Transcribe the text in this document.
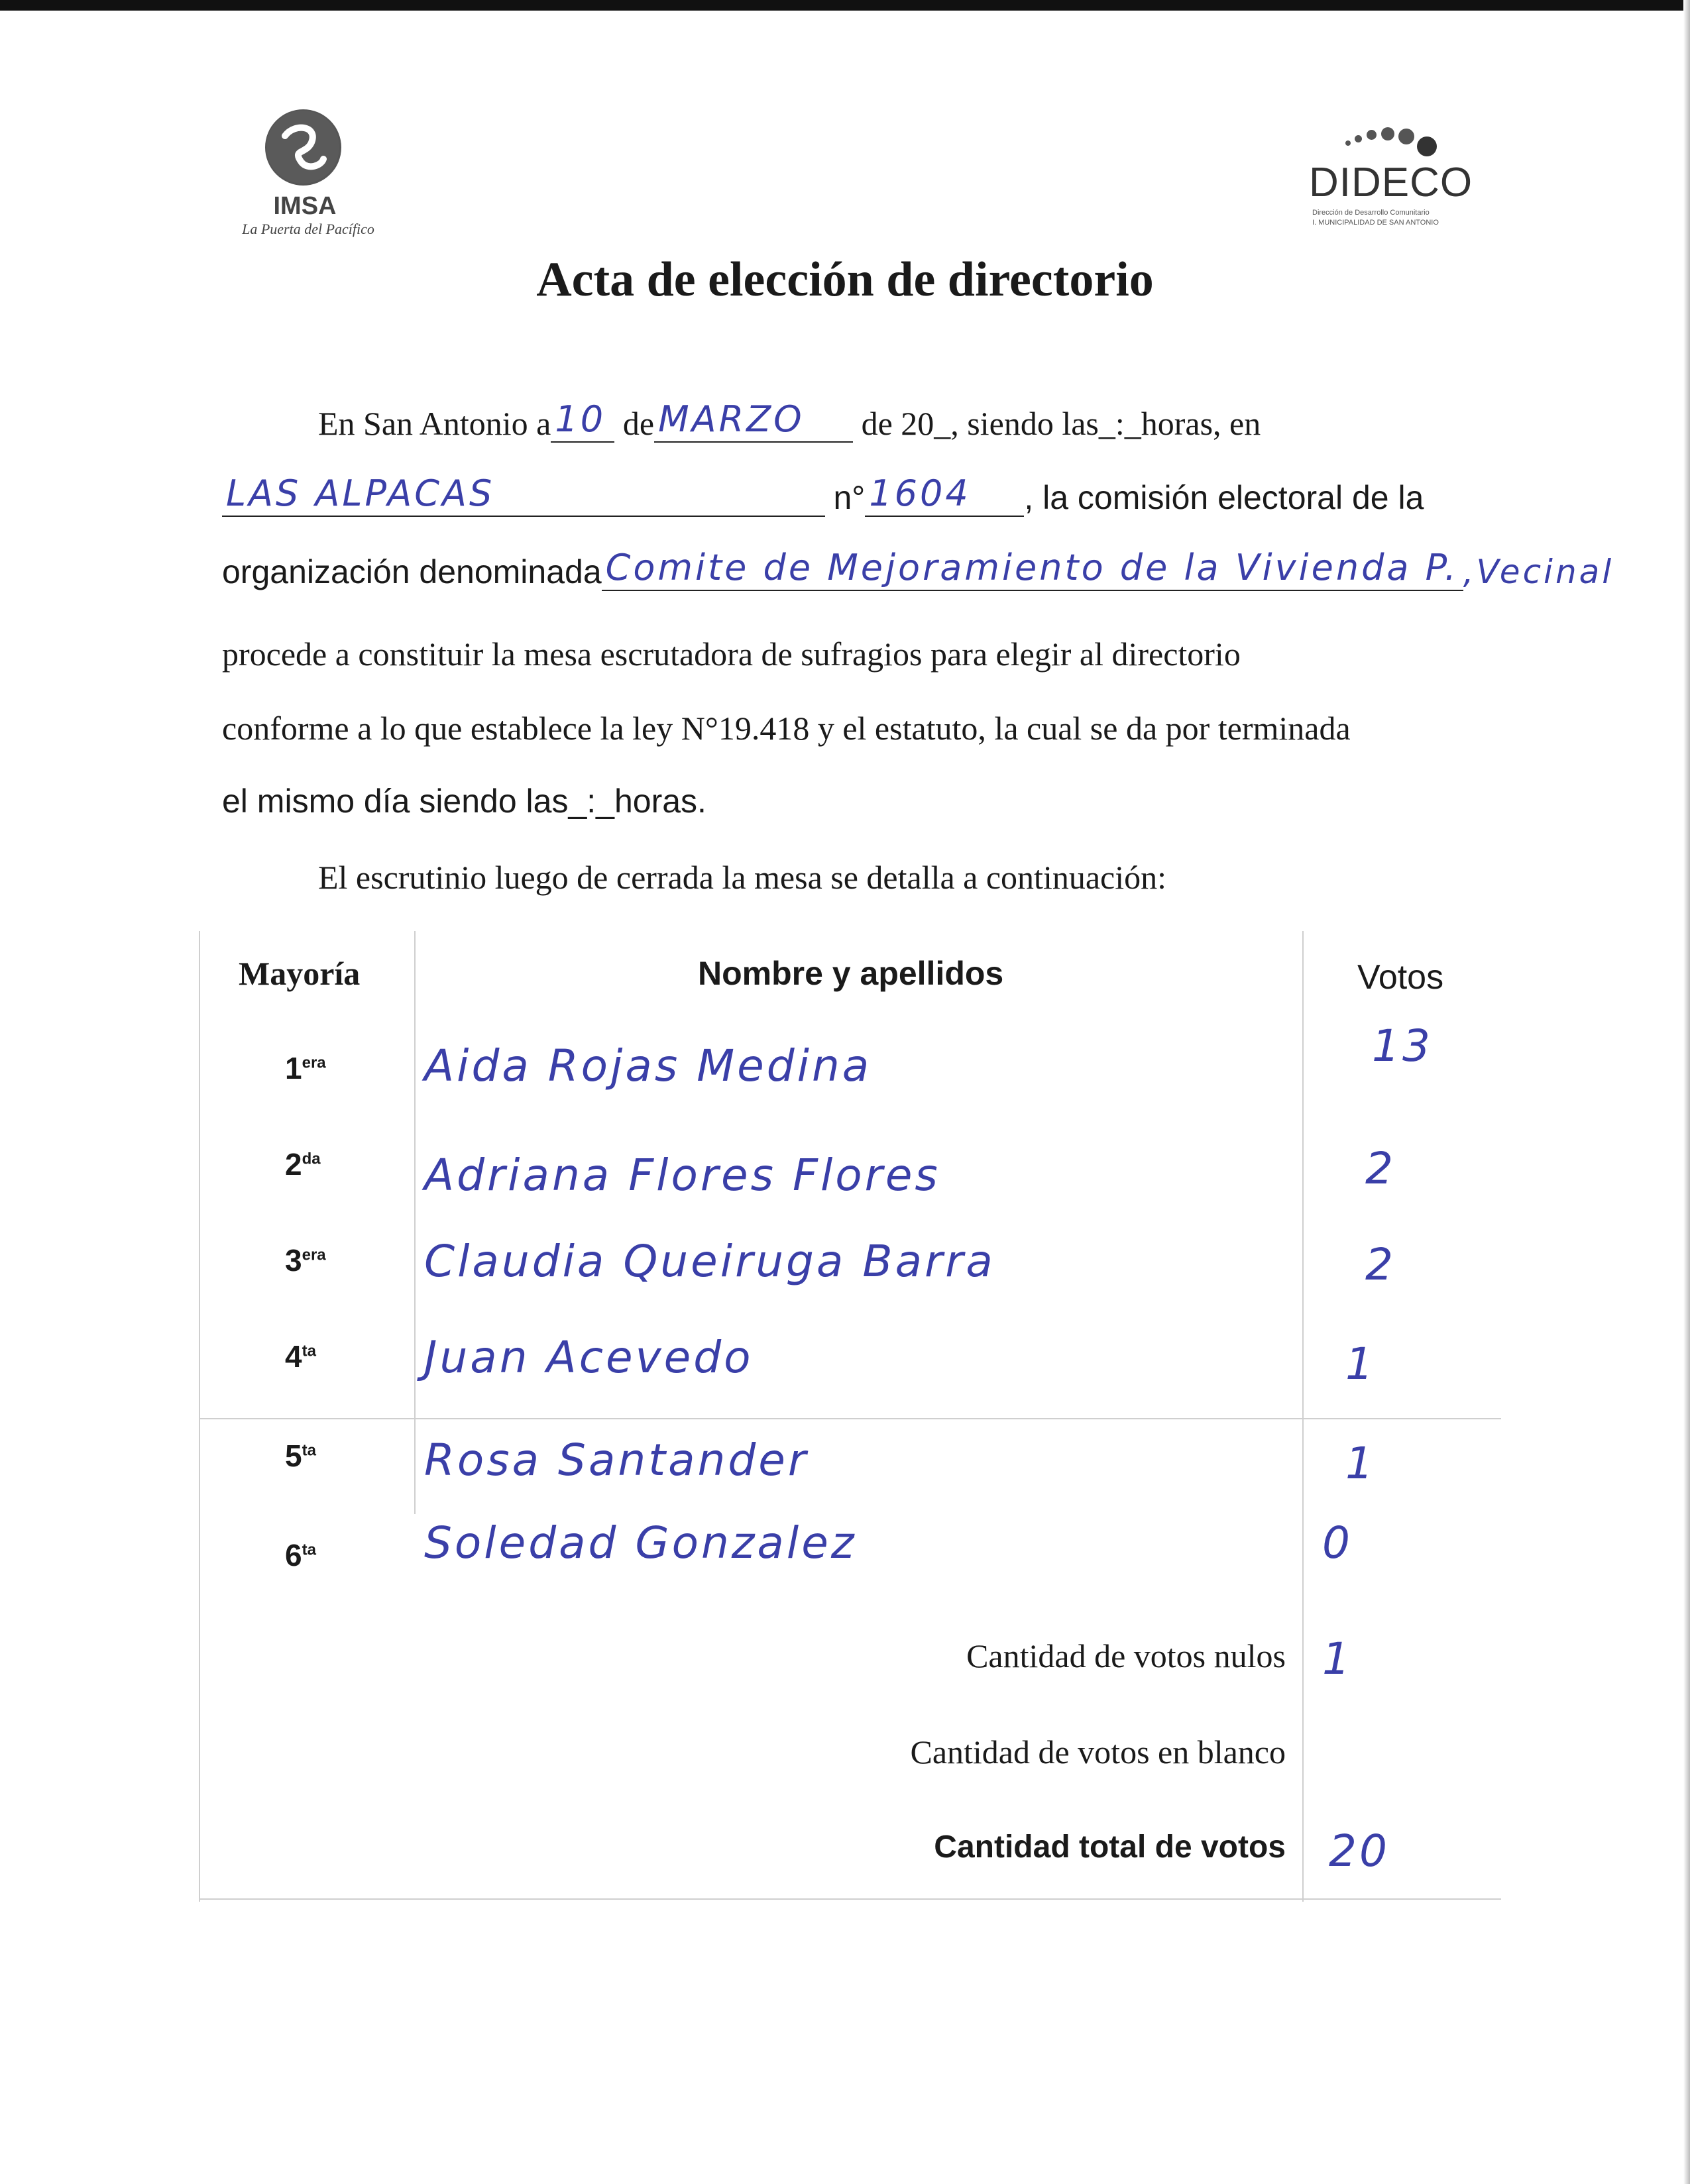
IMSA
La Puerta del Pacífico
DIDECO
Dirección de Desarrollo Comunitario
I. MUNICIPALIDAD DE SAN ANTONIO
Acta de elección de directorio
En San Antonio a 10 de MARZO de 20_, siendo las_:_horas, en
LAS ALPACAS	n° 1604 , la comisión electoral de la
organización denominada Comite de Mejoramiento de la Vivienda P. ,Vecinal
procede a constituir la mesa escrutadora de sufragios para elegir al directorio
conforme a lo que establece la ley N°19.418 y el estatuto, la cual se da por terminada
el mismo día siendo las_:_horas.
El escrutinio luego de cerrada la mesa se detalla a continuación:
Mayoría	Nombre y apellidos	Votos
$1^{era}$ Aida Rojas Medina	13
$2^{da}$ Adriana Flores Flores	2
$3^{era}$ Claudia Queiruga Barra	2
$4^{ta}$ Juan Acevedo	1
$5^{ta}$ Rosa Santander	1
$6^{ta}$ Soledad Gonzalez	0
Cantidad de votos nulos 1
Cantidad de votos en blanco
Cantidad total de votos 20
